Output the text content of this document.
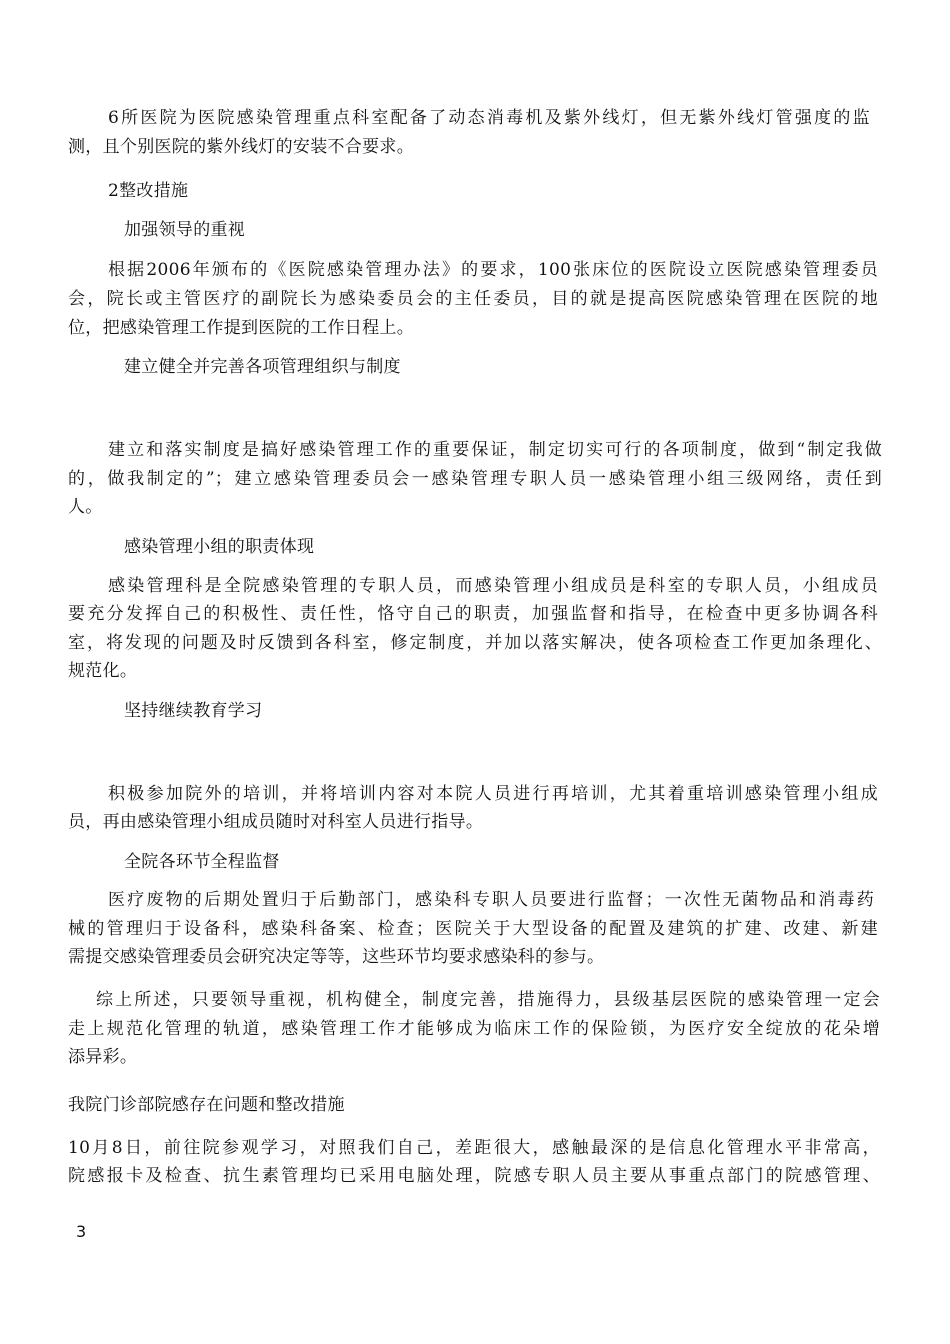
6所医院为医院感染管理重点科室配备了动态消毒机及紫外线灯，但无紫外线灯管强度的监
测，且个别医院的紫外线灯的安装不合要求。
2整改措施
加强领导的重视
根据2006年颁布的《医院感染管理办法》的要求，100张床位的医院设立医院感染管理委员
会，院长或主管医疗的副院长为感染委员会的主任委员，目的就是提高医院感染管理在医院的地
位，把感染管理工作提到医院的工作日程上。
建立健全并完善各项管理组织与制度
建立和落实制度是搞好感染管理工作的重要保证，制定切实可行的各项制度，做到“制定我做
的，做我制定的”；建立感染管理委员会一感染管理专职人员一感染管理小组三级网络，责任到
人。
感染管理小组的职责体现
感染管理科是全院感染管理的专职人员，而感染管理小组成员是科室的专职人员，小组成员
要充分发挥自己的积极性、责任性，恪守自己的职责，加强监督和指导，在检查中更多协调各科
室，将发现的问题及时反馈到各科室，修定制度，并加以落实解决，使各项检查工作更加条理化、
规范化。
坚持继续教育学习
积极参加院外的培训，并将培训内容对本院人员进行再培训，尤其着重培训感染管理小组成
员，再由感染管理小组成员随时对科室人员进行指导。
全院各环节全程监督
医疗废物的后期处置归于后勤部门，感染科专职人员要进行监督；一次性无菌物品和消毒药
械的管理归于设备科，感染科备案、检查；医院关于大型设备的配置及建筑的扩建、改建、新建
需提交感染管理委员会研究决定等等，这些环节均要求感染科的参与。
综上所述，只要领导重视，机构健全，制度完善，措施得力，县级基层医院的感染管理一定会
走上规范化管理的轨道，感染管理工作才能够成为临床工作的保险锁，为医疗安全绽放的花朵增
添异彩。
我院门诊部院感存在问题和整改措施
10月8日，前往院参观学习，对照我们自己，差距很大，感触最深的是信息化管理水平非常高，
院感报卡及检查、抗生素管理均已采用电脑处理，院感专职人员主要从事重点部门的院感管理、
3
